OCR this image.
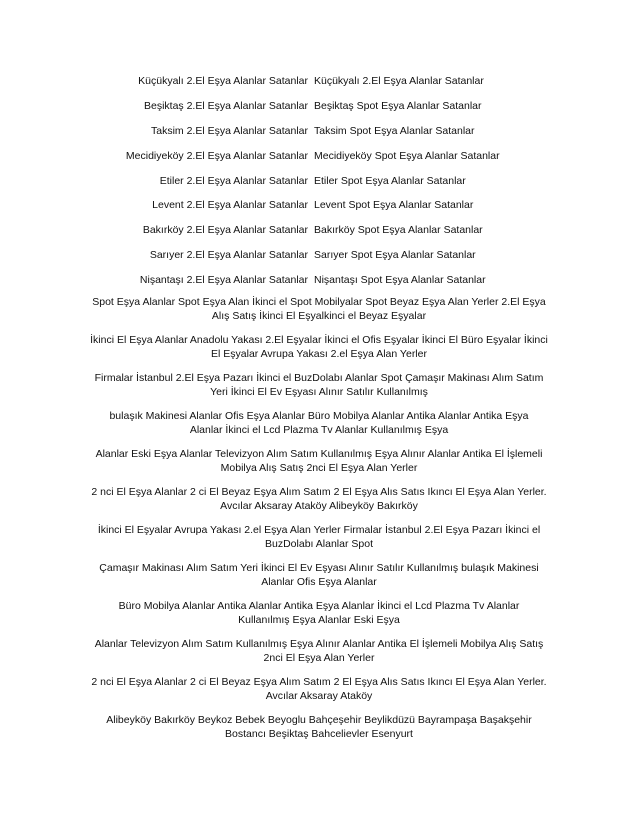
Küçükyalı 2.El Eşya Alanlar Satanlar Küçükyalı 2.El Eşya Alanlar Satanlar
Beşiktaş 2.El Eşya Alanlar Satanlar Beşiktaş Spot Eşya Alanlar Satanlar
Taksim 2.El Eşya Alanlar Satanlar Taksim Spot Eşya Alanlar Satanlar
Mecidiyeköy 2.El Eşya Alanlar Satanlar Mecidiyeköy Spot Eşya Alanlar Satanlar
Etiler 2.El Eşya Alanlar Satanlar Etiler Spot Eşya Alanlar Satanlar
Levent 2.El Eşya Alanlar Satanlar Levent Spot Eşya Alanlar Satanlar
Bakırköy 2.El Eşya Alanlar Satanlar Bakırköy Spot Eşya Alanlar Satanlar
Sarıyer 2.El Eşya Alanlar Satanlar Sarıyer Spot Eşya Alanlar Satanlar
Nişantaşı 2.El Eşya Alanlar Satanlar Nişantaşı Spot Eşya Alanlar Satanlar

Spot Eşya Alanlar Spot Eşya Alan İkinci el Spot Mobilyalar Spot Beyaz Eşya Alan Yerler 2.El Eşya
Alış Satış İkinci El Eşyalkinci el Beyaz Eşyalar

İkinci El Eşya Alanlar Anadolu Yakası 2.El Eşyalar İkinci el Ofis Eşyalar İkinci El Büro Eşyalar İkinci
El Eşyalar Avrupa Yakası 2.el Eşya Alan Yerler

Firmalar İstanbul 2.El Eşya Pazarı İkinci el BuzDolabı Alanlar Spot Çamaşır Makinası Alım Satım
Yeri İkinci El Ev Eşyası Alınır Satılır Kullanılmış

bulaşık Makinesi Alanlar Ofis Eşya Alanlar Büro Mobilya Alanlar Antika Alanlar Antika Eşya
Alanlar İkinci el Lcd Plazma Tv Alanlar Kullanılmış Eşya

Alanlar Eski Eşya Alanlar Televizyon Alım Satım Kullanılmış Eşya Alınır Alanlar Antika El İşlemeli
Mobilya Alış Satış 2nci El Eşya Alan Yerler

2 nci El Eşya Alanlar 2 ci El Beyaz Eşya Alım Satım 2 El Eşya Alıs Satıs Ikıncı El Eşya Alan Yerler.
Avcılar Aksaray Ataköy Alibeyköy Bakırköy

İkinci El Eşyalar Avrupa Yakası 2.el Eşya Alan Yerler Firmalar İstanbul 2.El Eşya Pazarı İkinci el
BuzDolabı Alanlar Spot

Çamaşır Makinası Alım Satım Yeri İkinci El Ev Eşyası Alınır Satılır Kullanılmış bulaşık Makinesi
Alanlar Ofis Eşya Alanlar

Büro Mobilya Alanlar Antika Alanlar Antika Eşya Alanlar İkinci el Lcd Plazma Tv Alanlar
Kullanılmış Eşya Alanlar Eski Eşya

Alanlar Televizyon Alım Satım Kullanılmış Eşya Alınır Alanlar Antika El İşlemeli Mobilya Alış Satış
2nci El Eşya Alan Yerler

2 nci El Eşya Alanlar 2 ci El Beyaz Eşya Alım Satım 2 El Eşya Alıs Satıs Ikıncı El Eşya Alan Yerler.
Avcılar Aksaray Ataköy

Alibeyköy Bakırköy Beykoz Bebek Beyoglu Bahçeşehir Beylikdüzü Bayrampaşa Başakşehir
Bostancı Beşiktaş Bahcelievler Esenyurt
